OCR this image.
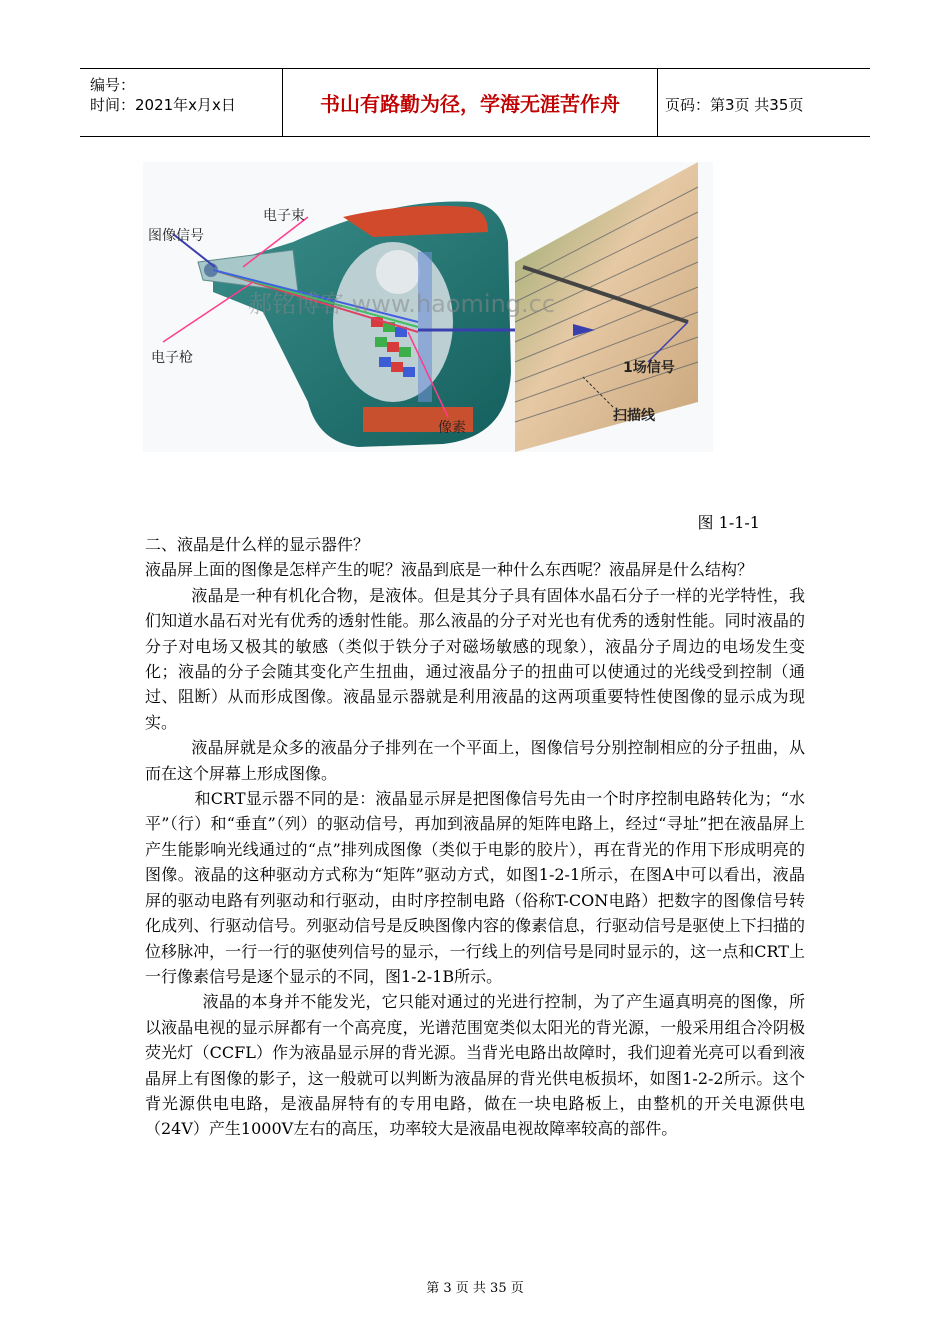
编号：
时间：2021年x月x日	书山有路勤为径，学海无涯苦作舟	页码：第3页 共35页
图像信号
电子束
电子枪
像素
1场信号
扫描线
郝铭博客 www.haoming.cc
图 1-1-1

二、液晶是什么样的显示器件？

液晶屏上面的图像是怎样产生的呢？液晶到底是一种什么东西呢？液晶屏是什么结构？

液晶是一种有机化合物，是液体。但是其分子具有固体水晶石分子一样的光学特性，我们知道水晶石对光有优秀的透射性能。那么液晶的分子对光也有优秀的透射性能。同时液晶的分子对电场又极其的敏感（类似于铁分子对磁场敏感的现象），液晶分子周边的电场发生变化；液晶的分子会随其变化产生扭曲，通过液晶分子的扭曲可以使通过的光线受到控制（通过、阻断）从而形成图像。液晶显示器就是利用液晶的这两项重要特性使图像的显示成为现实。

液晶屏就是众多的液晶分子排列在一个平面上，图像信号分别控制相应的分子扭曲，从而在这个屏幕上形成图像。

和CRT显示器不同的是：液晶显示屏是把图像信号先由一个时序控制电路转化为；“水平”（行）和“垂直”（列）的驱动信号，再加到液晶屏的矩阵电路上，经过“寻址”把在液晶屏上产生能影响光线通过的“点”排列成图像（类似于电影的胶片），再在背光的作用下形成明亮的图像。液晶的这种驱动方式称为“矩阵”驱动方式，如图1-2-1所示，在图A中可以看出，液晶屏的驱动电路有列驱动和行驱动，由时序控制电路（俗称T-CON电路）把数字的图像信号转化成列、行驱动信号。列驱动信号是反映图像内容的像素信息，行驱动信号是驱使上下扫描的位移脉冲，一行一行的驱使列信号的显示，一行线上的列信号是同时显示的，这一点和CRT上一行像素信号是逐个显示的不同，图1-2-1B所示。

液晶的本身并不能发光，它只能对通过的光进行控制，为了产生逼真明亮的图像，所以液晶电视的显示屏都有一个高亮度，光谱范围宽类似太阳光的背光源，一般采用组合冷阴极荧光灯（CCFL）作为液晶显示屏的背光源。当背光电路出故障时，我们迎着光亮可以看到液晶屏上有图像的影子，这一般就可以判断为液晶屏的背光供电板损坏，如图1-2-2所示。这个背光源供电电路，是液晶屏特有的专用电路，做在一块电路板上，由整机的开关电源供电（24V）产生1000V左右的高压，功率较大是液晶电视故障率较高的部件。

第 3 页 共 35 页
